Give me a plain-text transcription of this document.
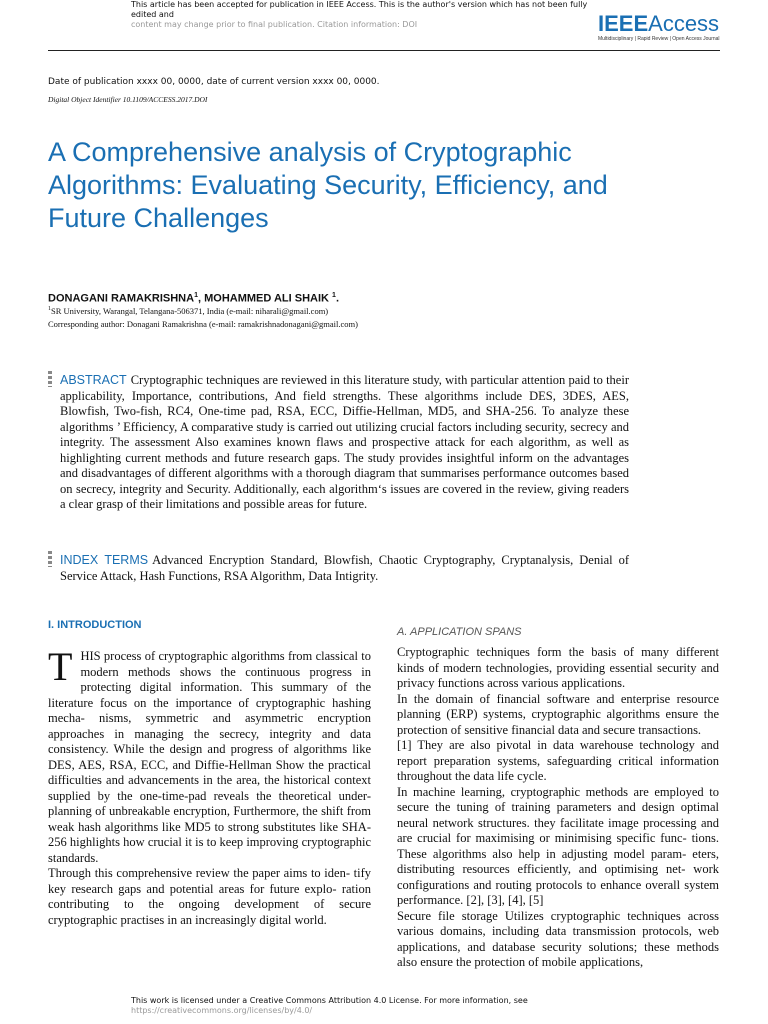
This article has been accepted for publication in IEEE Access. This is the author's version which has not been fully edited and
content may change prior to final publication. Citation information: DOI	IEEEAccess
Multidisciplinary | Rapid Review | Open Access Journal
Date of publication xxxx 00, 0000, date of current version xxxx 00, 0000.
Digital Object Identifier 10.1109/ACCESS.2017.DOI
A Comprehensive analysis of Cryptographic Algorithms: Evaluating Security, Efficiency, and Future Challenges
DONAGANI RAMAKRISHNA$^1$, MOHAMMED ALI SHAIK $^1$.
$^1$SR University, Warangal, Telangana-506371, India (e-mail: niharali@gmail.com)
Corresponding author: Donagani Ramakrishna (e-mail: ramakrishnadonagani@gmail.com)
ABSTRACT Cryptographic techniques are reviewed in this literature study, with particular attention paid to their applicability, Importance, contributions, And field strengths. These algorithms include DES, 3DES, AES, Blowfish, Two-fish, RC4, One-time pad, RSA, ECC, Diffie-Hellman, MD5, and SHA-256. To analyze these algorithms ’ Efficiency, A comparative study is carried out utilizing crucial factors including security, secrecy and integrity. The assessment Also examines known flaws and prospective attack for each algorithm, as well as highlighting current methods and future research gaps. The study provides insightful inform on the advantages and disadvantages of different algorithms with a thorough diagram that summarises performance outcomes based on secrecy, integrity and Security. Additionally, each algorithm‘s issues are covered in the review, giving readers a clear grasp of their limitations and possible areas for future.
INDEX TERMS Advanced Encryption Standard, Blowfish, Chaotic Cryptography, Cryptanalysis, Denial of Service Attack, Hash Functions, RSA Algorithm, Data Intigrity.
I. INTRODUCTION

THIS process of cryptographic algorithms from classical to modern methods shows the continuous progress in protecting digital information. This summary of the literature focus on the importance of cryptographic hashing mecha- nisms, symmetric and asymmetric encryption approaches in managing the secrecy, integrity and data consistency. While the design and progress of algorithms like DES, AES, RSA, ECC, and Diffie-Hellman Show the practical difficulties and advancements in the area, the historical context supplied by the one-time-pad reveals the theoretical under-planning of unbreakable encryption, Furthermore, the shift from weak hash algorithms like MD5 to strong substitutes like SHA-256 highlights how crucial it is to keep improving cryptographic standards.

Through this comprehensive review the paper aims to iden- tify key research gaps and potential areas for future explo- ration contributing to the ongoing development of secure cryptographic practises in an increasingly digital world.

A. APPLICATION SPANS

Cryptographic techniques form the basis of many different kinds of modern technologies, providing essential security and privacy functions across various applications.

In the domain of financial software and enterprise resource planning (ERP) systems, cryptographic algorithms ensure the protection of sensitive financial data and secure transactions.

[1] They are also pivotal in data warehouse technology and report preparation systems, safeguarding critical information throughout the data life cycle.

In machine learning, cryptographic methods are employed to secure the tuning of training parameters and design optimal neural network structures. they facilitate image processing and are crucial for maximising or minimising specific func- tions. These algorithms also help in adjusting model param- eters, distributing resources efficiently, and optimising net- work configurations and routing protocols to enhance overall system performance. [2], [3], [4], [5]

Secure file storage Utilizes cryptographic techniques across various domains, including data transmission protocols, web applications, and database security solutions; these methods also ensure the protection of mobile applications,

This work is licensed under a Creative Commons Attribution 4.0 License. For more information, see
https://creativecommons.org/licenses/by/4.0/
